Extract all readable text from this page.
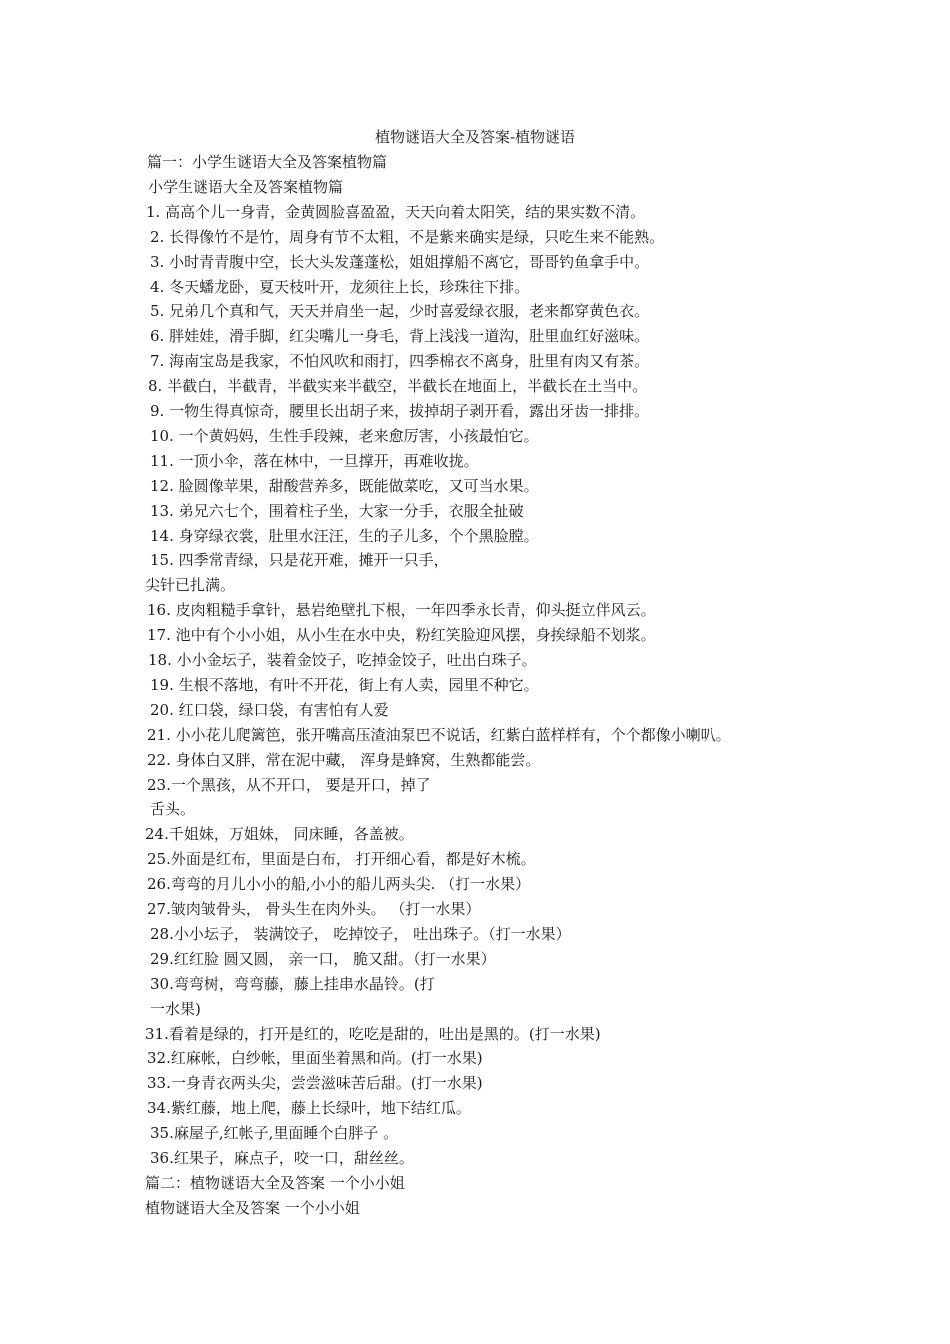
植物谜语大全及答案-植物谜语
篇一：小学生谜语大全及答案植物篇
小学生谜语大全及答案植物篇
1. 高高个儿一身青，金黄圆脸喜盈盈，天天向着太阳笑，结的果实数不清。
2. 长得像竹不是竹，周身有节不太粗，不是紫来确实是绿，只吃生来不能熟。
3. 小时青青腹中空，长大头发蓬蓬松，姐姐撑船不离它，哥哥钓鱼拿手中。
4. 冬天蟠龙卧，夏天枝叶开，龙须往上长，珍珠往下排。
5. 兄弟几个真和气，天天并肩坐一起，少时喜爱绿衣服，老来都穿黄色衣。
6. 胖娃娃，滑手脚，红尖嘴儿一身毛，背上浅浅一道沟，肚里血红好滋味。
7. 海南宝岛是我家，不怕风吹和雨打，四季棉衣不离身，肚里有肉又有茶。
8. 半截白，半截青，半截实来半截空，半截长在地面上，半截长在土当中。
9. 一物生得真惊奇，腰里长出胡子来，拔掉胡子剥开看，露出牙齿一排排。
10. 一个黄妈妈，生性手段辣，老来愈厉害，小孩最怕它。
11. 一顶小伞，落在林中，一旦撑开，再难收拢。
12. 脸圆像苹果，甜酸营养多，既能做菜吃，又可当水果。
13. 弟兄六七个，围着柱子坐，大家一分手，衣服全扯破
14. 身穿绿衣裳，肚里水汪汪，生的子儿多，个个黑脸膛。
15. 四季常青绿，只是花开难，摊开一只手，
尖针已扎满。
16. 皮肉粗糙手拿针，悬岩绝壁扎下根，一年四季永长青，仰头挺立伴风云。
17. 池中有个小小姐，从小生在水中央，粉红笑脸迎风摆，身挨绿船不划浆。
18. 小小金坛子，装着金饺子，吃掉金饺子，吐出白珠子。
19. 生根不落地，有叶不开花，街上有人卖，园里不种它。
20. 红口袋，绿口袋，有害怕有人爱
21. 小小花儿爬篱笆，张开嘴高压渣油泵巴不说话，红紫白蓝样样有，个个都像小喇叭。
22. 身体白又胖，常在泥中藏， 浑身是蜂窝，生熟都能尝。
23.一个黑孩，从不开口， 要是开口，掉了
舌头。
24.千姐妹，万姐妹， 同床睡，各盖被。
25.外面是红布，里面是白布， 打开细心看，都是好木梳。
26.弯弯的月儿小小的船,小小的船儿两头尖. （打一水果）
27.皱肉皱骨头， 骨头生在肉外头。 （打一水果）
28.小小坛子， 装满饺子， 吃掉饺子， 吐出珠子。（打一水果）
29.红红脸 圆又圆， 亲一口， 脆又甜。（打一水果）
30.弯弯树，弯弯藤，藤上挂串水晶铃。(打
一水果)
31.看着是绿的，打开是红的，吃吃是甜的，吐出是黑的。(打一水果)
32.红麻帐，白纱帐，里面坐着黑和尚。(打一水果)
33.一身青衣两头尖，尝尝滋味苦后甜。(打一水果)
34.紫红藤，地上爬，藤上长绿叶，地下结红瓜。
35.麻屋子,红帐子,里面睡个白胖子 。
36.红果子，麻点子，咬一口，甜丝丝。
篇二：植物谜语大全及答案 一个小小姐
植物谜语大全及答案 一个小小姐
